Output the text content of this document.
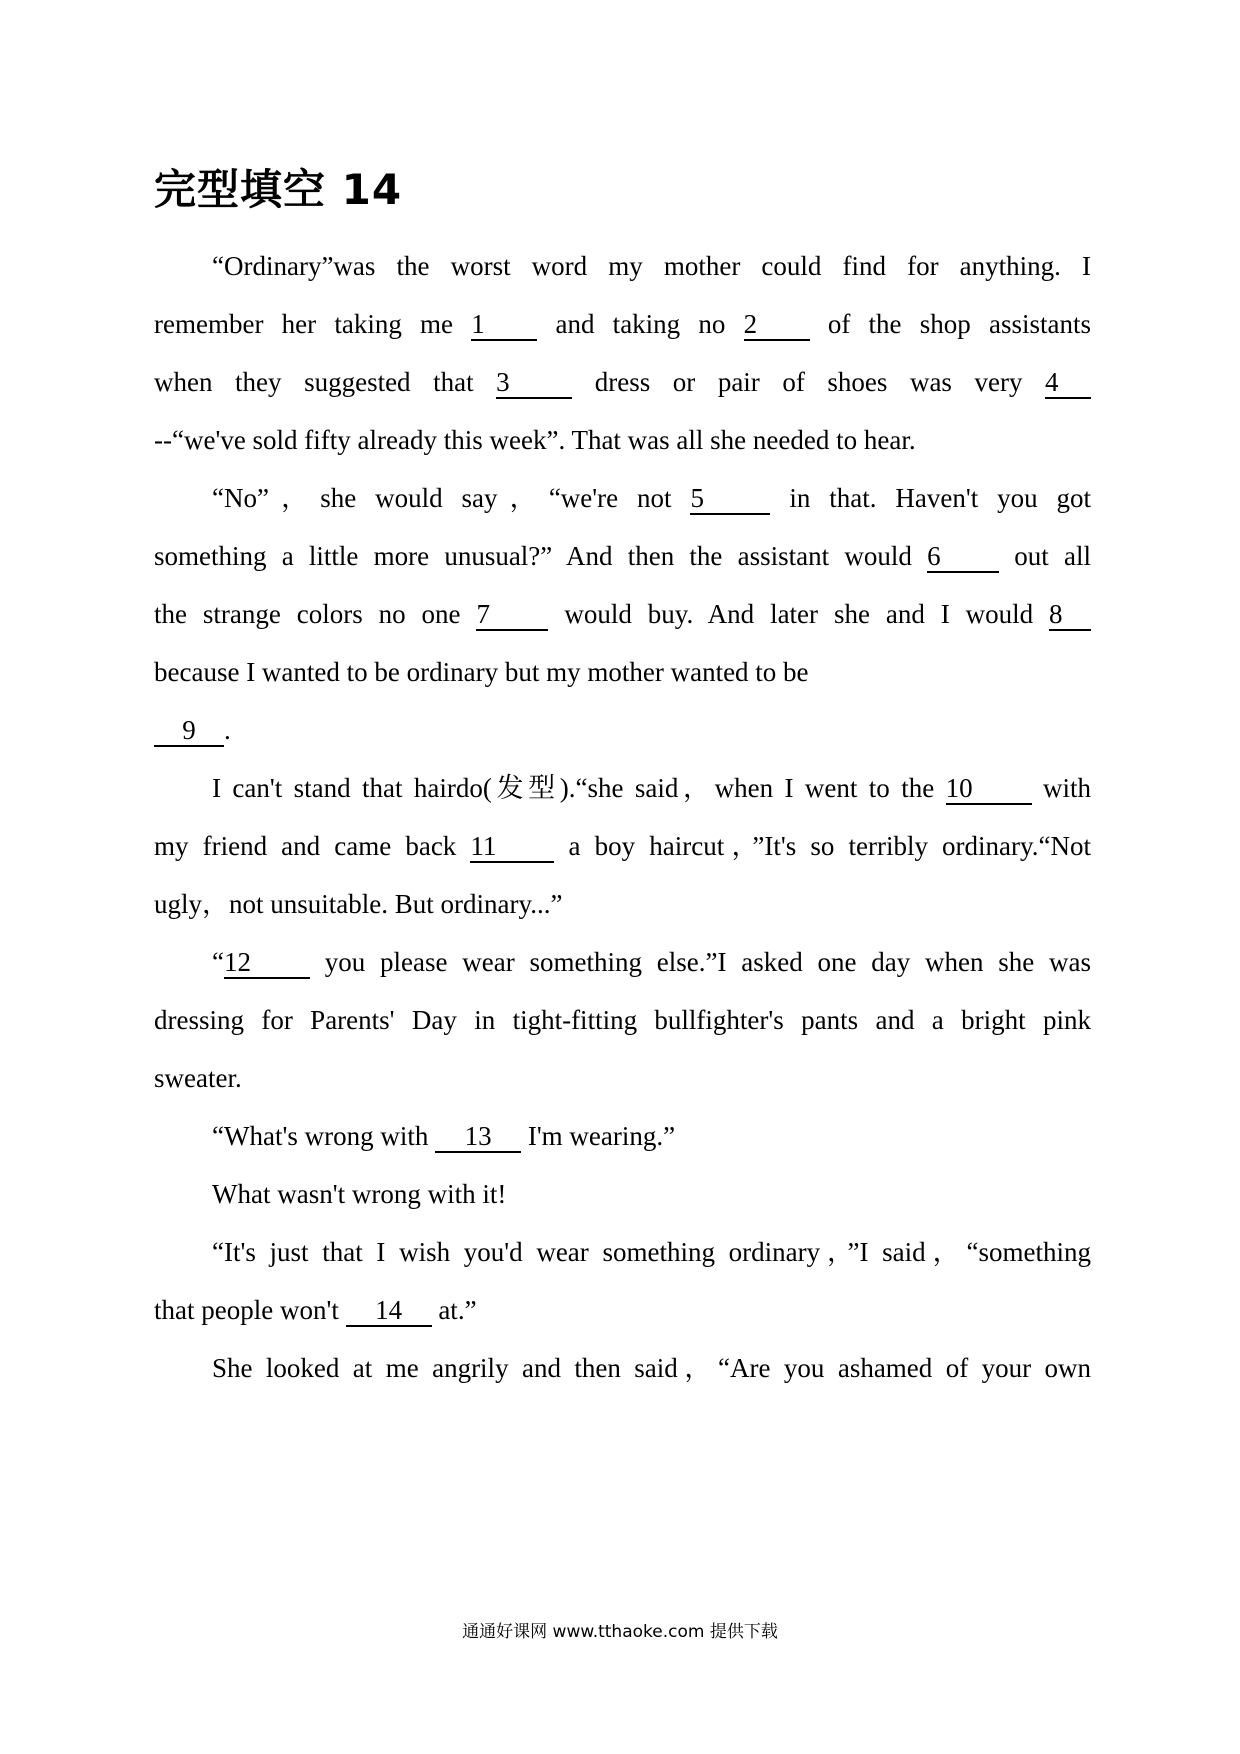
完型填空 14
“Ordinary”was the worst word my mother could find for anything. I
remember her taking me 1	and taking no 2	of the shop assistants
when they suggested that 3	dress or pair of shoes was very 4
--“we've sold fifty already this week”. That was all she needed to hear.
“No”，she would say，“we're not 5	in that. Haven't you got
something a little more unusual?” And then the assistant would 6	out all
the strange colors no one 7	would buy. And later she and I would 8
because I wanted to be ordinary but my mother wanted to be
9 .
I can't stand that hairdo(发型).“she said，when I went to the 10	with
my friend and came back 11	a boy haircut，”It's so terribly ordinary.“Not
ugly，not unsuitable. But ordinary...”
“12	you please wear something else.”I asked one day when she was
dressing for Parents' Day in tight-fitting bullfighter's pants and a bright pink
sweater.
“What's wrong with 13 I'm wearing.”
What wasn't wrong with it!
“It's just that I wish you'd wear something ordinary，”I said，“something
that people won't 14 at.”
She looked at me angrily and then said，“Are you ashamed of your own
通通好课网 www.tthaoke.com 提供下载
